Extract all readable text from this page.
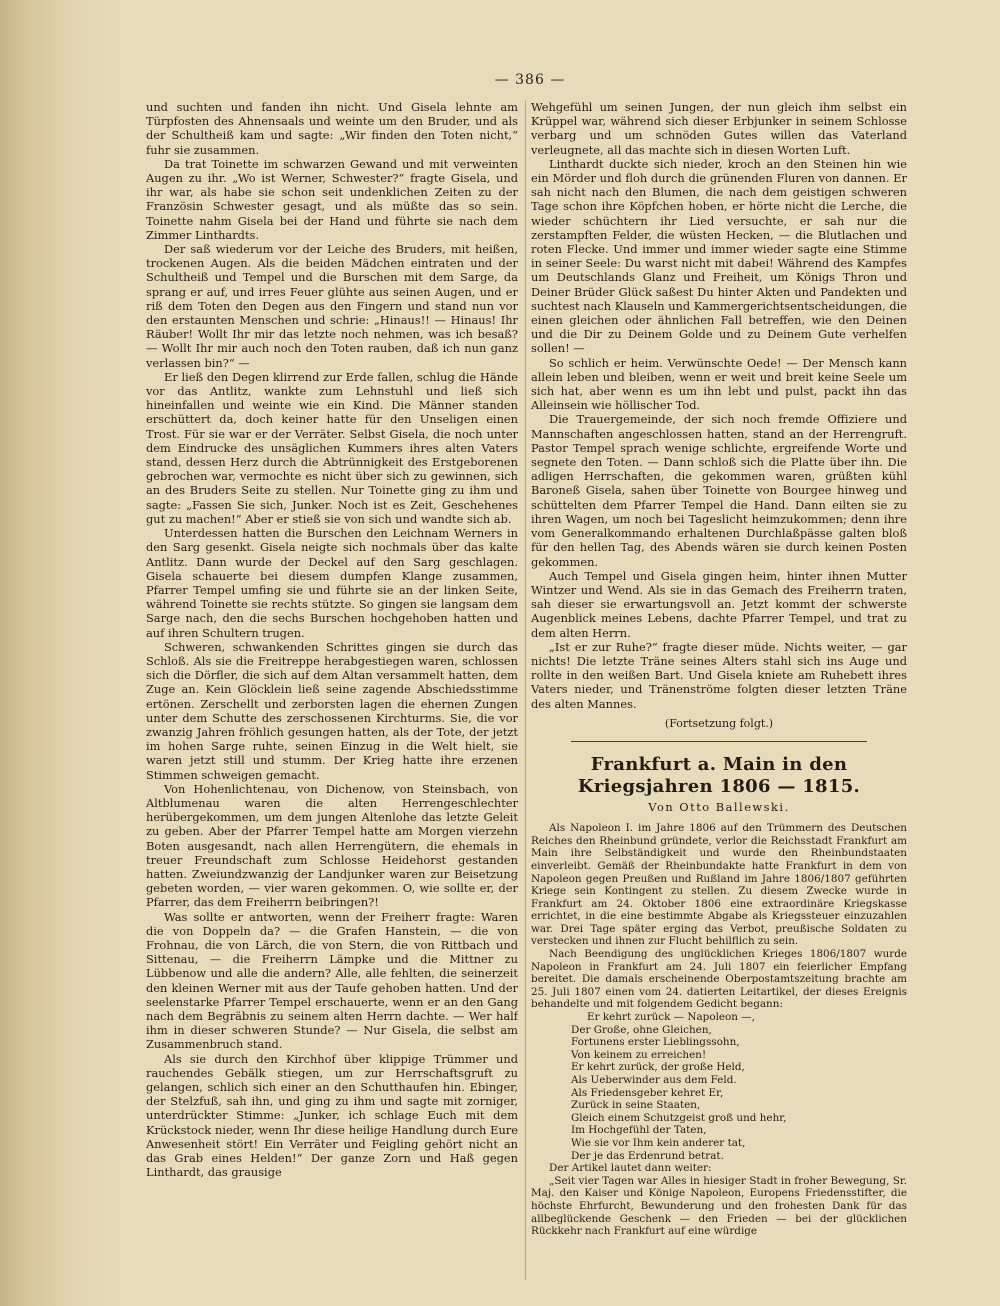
— 386 —

und suchten und fanden ihn nicht. Und Gisela lehnte am Türpfosten des Ahnensaals und weinte um den Bruder, und als der Schultheiß kam und sagte: „Wir finden den Toten nicht,“ fuhr sie zusammen.

Da trat Toinette im schwarzen Gewand und mit verweinten Augen zu ihr. „Wo ist Werner, Schwester?“ fragte Gisela, und ihr war, als habe sie schon seit undenklichen Zeiten zu der Französin Schwester gesagt, und als müßte das so sein. Toinette nahm Gisela bei der Hand und führte sie nach dem Zimmer Linthardts.

Der saß wiederum vor der Leiche des Bruders, mit heißen, trockenen Augen. Als die beiden Mädchen eintraten und der Schultheiß und Tempel und die Burschen mit dem Sarge, da sprang er auf, und irres Feuer glühte aus seinen Augen, und er riß dem Toten den Degen aus den Fingern und stand nun vor den erstaunten Menschen und schrie: „Hinaus!! — Hinaus! Ihr Räuber! Wollt Ihr mir das letzte noch nehmen, was ich besaß? — Wollt Ihr mir auch noch den Toten rauben, daß ich nun ganz verlassen bin?“ —

Er ließ den Degen klirrend zur Erde fallen, schlug die Hände vor das Antlitz, wankte zum Lehnstuhl und ließ sich hineinfallen und weinte wie ein Kind. Die Männer standen erschüttert da, doch keiner hatte für den Unseligen einen Trost. Für sie war er der Verräter. Selbst Gisela, die noch unter dem Eindrucke des unsäglichen Kummers ihres alten Vaters stand, dessen Herz durch die Abtrünnigkeit des Erstgeborenen gebrochen war, vermochte es nicht über sich zu gewinnen, sich an des Bruders Seite zu stellen. Nur Toinette ging zu ihm und sagte: „Fassen Sie sich, Junker. Noch ist es Zeit, Geschehenes gut zu machen!“ Aber er stieß sie von sich und wandte sich ab.

Unterdessen hatten die Burschen den Leichnam Werners in den Sarg gesenkt. Gisela neigte sich nochmals über das kalte Antlitz. Dann wurde der Deckel auf den Sarg geschlagen. Gisela schauerte bei diesem dumpfen Klange zusammen, Pfarrer Tempel umfing sie und führte sie an der linken Seite, während Toinette sie rechts stützte. So gingen sie langsam dem Sarge nach, den die sechs Burschen hochgehoben hatten und auf ihren Schultern trugen.

Schweren, schwankenden Schrittes gingen sie durch das Schloß. Als sie die Freitreppe herabgestiegen waren, schlossen sich die Dörfler, die sich auf dem Altan versammelt hatten, dem Zuge an. Kein Glöcklein ließ seine zagende Abschiedsstimme ertönen. Zerschellt und zerborsten lagen die ehernen Zungen unter dem Schutte des zerschossenen Kirchturms. Sie, die vor zwanzig Jahren fröhlich gesungen hatten, als der Tote, der jetzt im hohen Sarge ruhte, seinen Einzug in die Welt hielt, sie waren jetzt still und stumm. Der Krieg hatte ihre erzenen Stimmen schweigen gemacht.

Von Hohenlichtenau, von Dichenow, von Steinsbach, von Altblumenau waren die alten Herrengeschlechter herübergekommen, um dem jungen Altenlohe das letzte Geleit zu geben. Aber der Pfarrer Tempel hatte am Morgen vierzehn Boten ausgesandt, nach allen Herrengütern, die ehemals in treuer Freundschaft zum Schlosse Heidehorst gestanden hatten. Zweiundzwanzig der Landjunker waren zur Beisetzung gebeten worden, — vier waren gekommen. O, wie sollte er, der Pfarrer, das dem Freiherrn beibringen?!

Was sollte er antworten, wenn der Freiherr fragte: Waren die von Doppeln da? — die Grafen Hanstein, — die von Frohnau, die von Lärch, die von Stern, die von Rittbach und Sittenau, — die Freiherrn Lämpke und die Mittner zu Lübbenow und alle die andern? Alle, alle fehlten, die seinerzeit den kleinen Werner mit aus der Taufe gehoben hatten. Und der seelenstarke Pfarrer Tempel erschauerte, wenn er an den Gang nach dem Begräbnis zu seinem alten Herrn dachte. — Wer half ihm in dieser schweren Stunde? — Nur Gisela, die selbst am Zusammenbruch stand.

Als sie durch den Kirchhof über klippige Trümmer und rauchendes Gebälk stiegen, um zur Herrschaftsgruft zu gelangen, schlich sich einer an den Schutthaufen hin. Ebinger, der Stelzfuß, sah ihn, und ging zu ihm und sagte mit zorniger, unterdrückter Stimme: „Junker, ich schlage Euch mit dem Krückstock nieder, wenn Ihr diese heilige Handlung durch Eure Anwesenheit stört! Ein Verräter und Feigling gehört nicht an das Grab eines Helden!“ Der ganze Zorn und Haß gegen Linthardt, das grausige

Wehgefühl um seinen Jungen, der nun gleich ihm selbst ein Krüppel war, während sich dieser Erbjunker in seinem Schlosse verbarg und um schnöden Gutes willen das Vaterland verleugnete, all das machte sich in diesen Worten Luft.

Linthardt duckte sich nieder, kroch an den Steinen hin wie ein Mörder und floh durch die grünenden Fluren von dannen. Er sah nicht nach den Blumen, die nach dem geistigen schweren Tage schon ihre Köpfchen hoben, er hörte nicht die Lerche, die wieder schüchtern ihr Lied versuchte, er sah nur die zerstampften Felder, die wüsten Hecken, — die Blutlachen und roten Flecke. Und immer und immer wieder sagte eine Stimme in seiner Seele: Du warst nicht mit dabei! Während des Kampfes um Deutschlands Glanz und Freiheit, um Königs Thron und Deiner Brüder Glück saßest Du hinter Akten und Pandekten und suchtest nach Klauseln und Kammergerichtsentscheidungen, die einen gleichen oder ähnlichen Fall betreffen, wie den Deinen und die Dir zu Deinem Golde und zu Deinem Gute verhelfen sollen! —

So schlich er heim. Verwünschte Oede! — Der Mensch kann allein leben und bleiben, wenn er weit und breit keine Seele um sich hat, aber wenn es um ihn lebt und pulst, packt ihn das Alleinsein wie höllischer Tod.

Die Trauergemeinde, der sich noch fremde Offiziere und Mannschaften angeschlossen hatten, stand an der Herrengruft. Pastor Tempel sprach wenige schlichte, ergreifende Worte und segnete den Toten. — Dann schloß sich die Platte über ihn. Die adligen Herrschaften, die gekommen waren, grüßten kühl Baroneß Gisela, sahen über Toinette von Bourgee hinweg und schüttelten dem Pfarrer Tempel die Hand. Dann eilten sie zu ihren Wagen, um noch bei Tageslicht heimzukommen; denn ihre vom Generalkommando erhaltenen Durchlaßpässe galten bloß für den hellen Tag, des Abends wären sie durch keinen Posten gekommen.

Auch Tempel und Gisela gingen heim, hinter ihnen Mutter Wintzer und Wend. Als sie in das Gemach des Freiherrn traten, sah dieser sie erwartungsvoll an. Jetzt kommt der schwerste Augenblick meines Lebens, dachte Pfarrer Tempel, und trat zu dem alten Herrn.

„Ist er zur Ruhe?“ fragte dieser müde. Nichts weiter, — gar nichts! Die letzte Träne seines Alters stahl sich ins Auge und rollte in den weißen Bart. Und Gisela kniete am Ruhebett ihres Vaters nieder, und Tränenströme folgten dieser letzten Träne des alten Mannes.

(Fortsetzung folgt.)

Frankfurt a. Main in den Kriegsjahren 1806 — 1815.
Von Otto Ballewski.

Als Napoleon I. im Jahre 1806 auf den Trümmern des Deutschen Reiches den Rheinbund gründete, verlor die Reichsstadt Frankfurt am Main ihre Selbständigkeit und wurde den Rheinbundstaaten einverleibt. Gemäß der Rheinbundakte hatte Frankfurt in dem von Napoleon gegen Preußen und Rußland im Jahre 1806/1807 geführten Kriege sein Kontingent zu stellen. Zu diesem Zwecke wurde in Frankfurt am 24. Oktober 1806 eine extraordinäre Kriegskasse errichtet, in die eine bestimmte Abgabe als Kriegssteuer einzuzahlen war. Drei Tage später erging das Verbot, preußische Soldaten zu verstecken und ihnen zur Flucht behilflich zu sein.

Nach Beendigung des unglücklichen Krieges 1806/1807 wurde Napoleon in Frankfurt am 24. Juli 1807 ein feierlicher Empfang bereitet. Die damals erscheinende Oberpostamtszeitung brachte am 25. Juli 1807 einen vom 24. datierten Leitartikel, der dieses Ereignis behandelte und mit folgendem Gedicht begann:

Er kehrt zurück — Napoleon —,
Der Große, ohne Gleichen,
Fortunens erster Lieblingssohn,
Von keinem zu erreichen!
Er kehrt zurück, der große Held,
Als Ueberwinder aus dem Feld.
Als Friedensgeber kehret Er,
Zurück in seine Staaten,
Gleich einem Schutzgeist groß und hehr,
Im Hochgefühl der Taten,
Wie sie vor Ihm kein anderer tat,
Der je das Erdenrund betrat.

Der Artikel lautet dann weiter:

„Seit vier Tagen war Alles in hiesiger Stadt in froher Bewegung, Sr. Maj. den Kaiser und Könige Napoleon, Europens Friedensstifter, die höchste Ehrfurcht, Bewunderung und den frohesten Dank für das allbeglückende Geschenk — den Frieden — bei der glücklichen Rückkehr nach Frankfurt auf eine würdige
